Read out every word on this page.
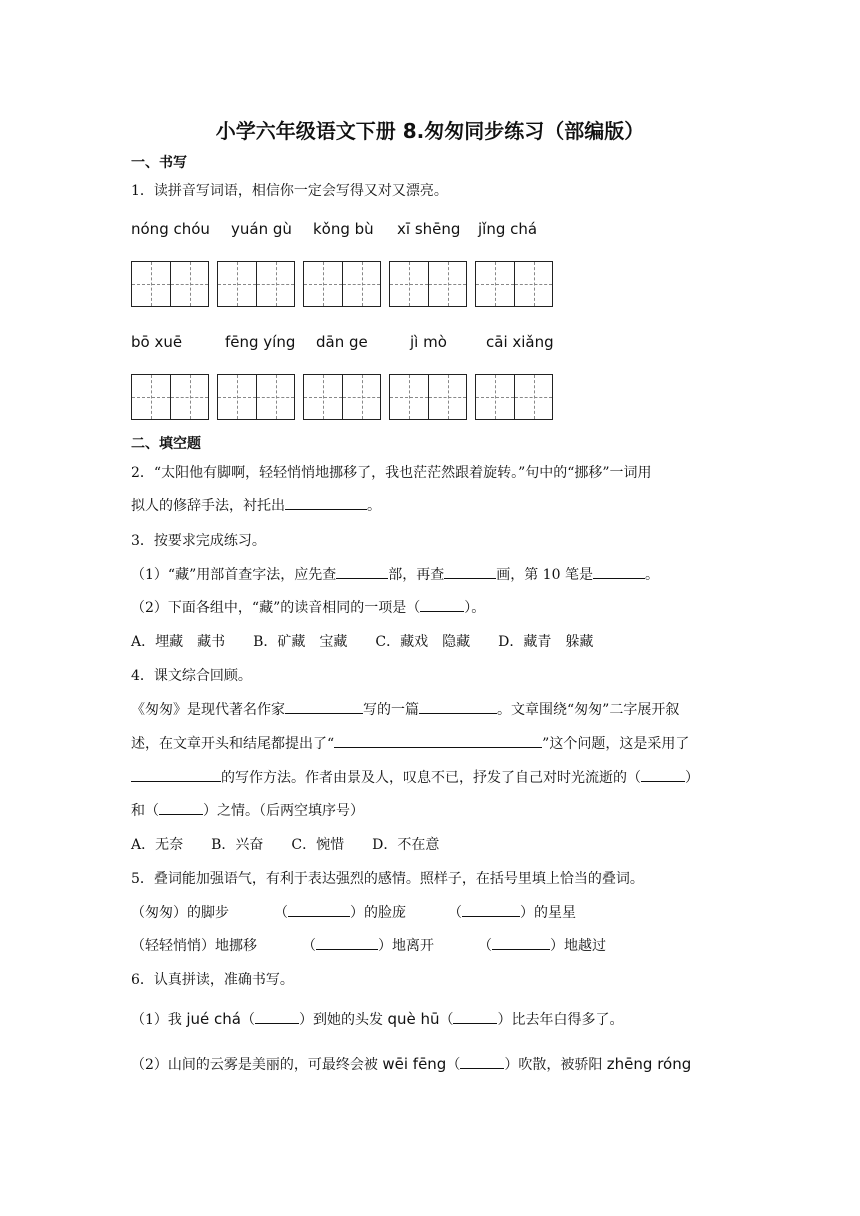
小学六年级语文下册 8.匆匆同步练习（部编版）
一、书写
1．读拼音写词语，相信你一定会写得又对又漂亮。
nóng chóu yuán gù kǒng bù xī shēng jǐng chá
bō xuē	fēng yíng dān ge	jì mò	cāi xiǎng
二、填空题
2．“太阳他有脚啊，轻轻悄悄地挪移了，我也茫茫然跟着旋转。”句中的“挪移”一词用
拟人的修辞手法，衬托出	。
3．按要求完成练习。
（1）“藏”用部首查字法，应先查	部，再查	画，第 10 笔是	。
（2）下面各组中，“藏”的读音相同的一项是（	）。
A．埋藏　藏书　　B．矿藏　宝藏　　C．藏戏　隐藏　　D．藏青　躲藏
4．课文综合回顾。
《匆匆》是现代著名作家	写的一篇	。文章围绕“匆匆”二字展开叙
述，在文章开头和结尾都提出了“	”这个问题，这是采用了
的写作方法。作者由景及人，叹息不已，抒发了自己对时光流逝的（	）
和（	）之情。（后两空填序号）
A．无奈　　B．兴奋　　C．惋惜　　D．不在意
5．叠词能加强语气，有利于表达强烈的感情。照样子，在括号里填上恰当的叠词。
（匆匆）的脚步	（	）的脸庞	（	）的星星
（轻轻悄悄）地挪移	（	）地离开	（	）地越过
6．认真拼读，准确书写。
（1）我 jué chá（	）到她的头发 què hū（	）比去年白得多了。
（2）山间的云雾是美丽的，可最终会被 wēi fēng（	）吹散，被骄阳 zhēng róng
